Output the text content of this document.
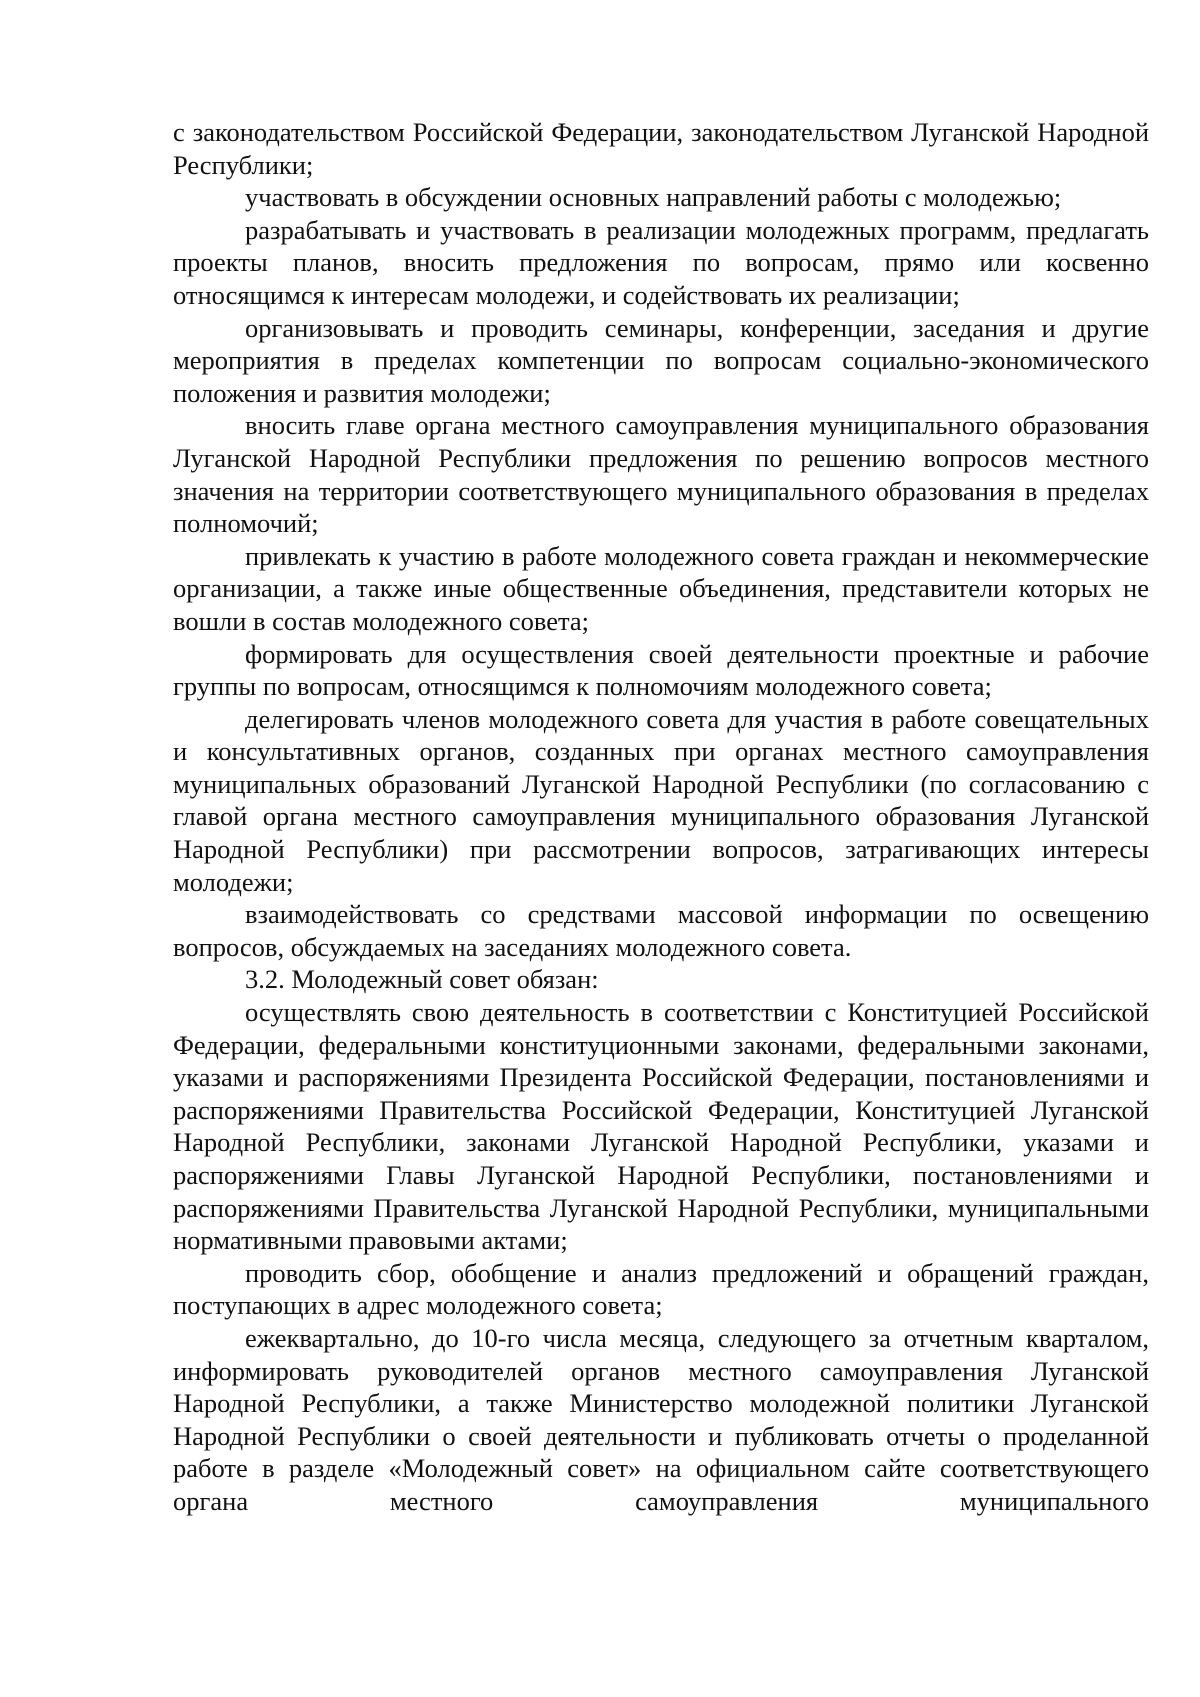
с законодательством Российской Федерации, законодательством Луганской Народной Республики;

участвовать в обсуждении основных направлений работы с молодежью;

разрабатывать и участвовать в реализации молодежных программ, предлагать проекты планов, вносить предложения по вопросам, прямо или косвенно относящимся к интересам молодежи, и содействовать их реализации;

организовывать и проводить семинары, конференции, заседания и другие мероприятия в пределах компетенции по вопросам социально-экономического положения и развития молодежи;

вносить главе органа местного самоуправления муниципального образования Луганской Народной Республики предложения по решению вопросов местного значения на территории соответствующего муниципального образования в пределах полномочий;

привлекать к участию в работе молодежного совета граждан и некоммерческие организации, а также иные общественные объединения, представители которых не вошли в состав молодежного совета;

формировать для осуществления своей деятельности проектные и рабочие группы по вопросам, относящимся к полномочиям молодежного совета;

делегировать членов молодежного совета для участия в работе совещательных и консультативных органов, созданных при органах местного самоуправления муниципальных образований Луганской Народной Республики (по согласованию с главой органа местного самоуправления муниципального образования Луганской Народной Республики) при рассмотрении вопросов, затрагивающих интересы молодежи;

взаимодействовать со средствами массовой информации по освещению вопросов, обсуждаемых на заседаниях молодежного совета.

3.2. Молодежный совет обязан:

осуществлять свою деятельность в соответствии с Конституцией Российской Федерации, федеральными конституционными законами, федеральными законами, указами и распоряжениями Президента Российской Федерации, постановлениями и распоряжениями Правительства Российской Федерации, Конституцией Луганской Народной Республики, законами Луганской Народной Республики, указами и распоряжениями Главы Луганской Народной Республики, постановлениями и распоряжениями Правительства Луганской Народной Республики, муниципальными нормативными правовыми актами;

проводить сбор, обобщение и анализ предложений и обращений граждан, поступающих в адрес молодежного совета;

ежеквартально, до 10-го числа месяца, следующего за отчетным кварталом, информировать руководителей органов местного самоуправления Луганской Народной Республики, а также Министерство молодежной политики Луганской Народной Республики о своей деятельности и публиковать отчеты о проделанной работе в разделе «Молодежный совет» на официальном сайте соответствующего органа местного самоуправления муниципального
